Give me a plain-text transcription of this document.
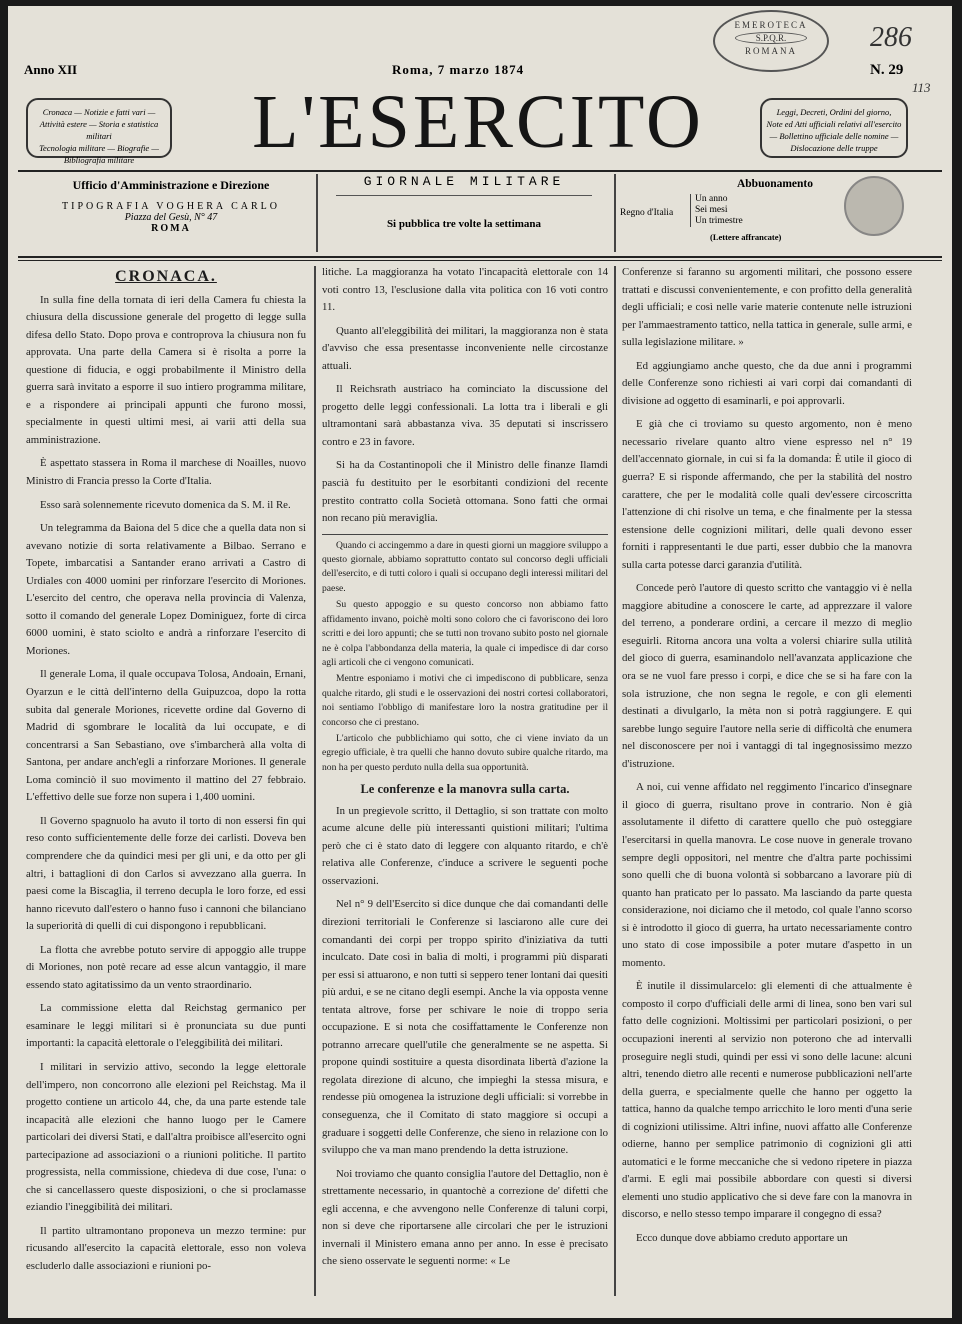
Anno XII	Roma, 7 marzo 1874	N. 29
EMEROTECA
S.P.Q.R.
ROMANA	286
113
Cronaca — Notizie e fatti vari —
Attività estere — Storia e statistica militari
Tecnologia militare — Biografie —
Bibliografia militare	L'ESERCITO	Leggi, Decreti, Ordini del giorno,
Note ed Atti ufficiali relativi all'esercito
— Bollettino ufficiale delle nomine —
Dislocazione delle truppe
Ufficio d'Amministrazione e Direzione
TIPOGRAFIA VOGHERA CARLO
Piazza del Gesù, N° 47
ROMA
GIORNALE MILITARE
Si pubblica tre volte la settimana
Abbuonamento
Regno d'Italia
Un anno
Sei mesi
Un trimestre
(Lettere affrancate)
CRONACA.

In sulla fine della tornata di ieri della Camera fu chiesta la chiusura della discussione generale del progetto di legge sulla difesa dello Stato. Dopo prova e controprova la chiusura non fu approvata. Una parte della Camera si è risolta a porre la questione di fiducia, e oggi probabilmente il Ministro della guerra sarà invitato a esporre il suo intiero programma militare, e a rispondere ai principali appunti che furono mossi, specialmente in questi ultimi mesi, ai varii atti della sua amministrazione.

È aspettato stassera in Roma il marchese di Noailles, nuovo Ministro di Francia presso la Corte d'Italia.

Esso sarà solennemente ricevuto domenica da S. M. il Re.

Un telegramma da Baiona del 5 dice che a quella data non si avevano notizie di sorta relativamente a Bilbao. Serrano e Topete, imbarcatisi a Santander erano arrivati a Castro di Urdiales con 4000 uomini per rinforzare l'esercito di Moriones. L'esercito del centro, che operava nella provincia di Valenza, sotto il comando del generale Lopez Dominiguez, forte di circa 6000 uomini, è stato sciolto e andrà a rinforzare l'esercito di Moriones.

Il generale Loma, il quale occupava Tolosa, Andoain, Ernani, Oyarzun e le città dell'interno della Guipuzcoa, dopo la rotta subita dal generale Moriones, ricevette ordine dal Governo di Madrid di sgombrare le località da lui occupate, e di concentrarsi a San Sebastiano, ove s'imbarcherà alla volta di Santona, per andare anch'egli a rinforzare Moriones. Il generale Loma cominciò il suo movimento il mattino del 27 febbraio. L'effettivo delle sue forze non supera i 1,400 uomini.

Il Governo spagnuolo ha avuto il torto di non essersi fin qui reso conto sufficientemente delle forze dei carlisti. Doveva ben comprendere che da quindici mesi per gli uni, e da otto per gli altri, i battaglioni di don Carlos si avvezzano alla guerra. In paesi come la Biscaglia, il terreno decupla le loro forze, ed essi hanno ricevuto dall'estero o hanno fuso i cannoni che bilanciano la superiorità di quelli di cui dispongono i repubblicani.

La flotta che avrebbe potuto servire di appoggio alle truppe di Moriones, non potè recare ad esse alcun vantaggio, il mare essendo stato agitatissimo da un vento straordinario.

La commissione eletta dal Reichstag germanico per esaminare le leggi militari si è pronunciata su due punti importanti: la capacità elettorale o l'eleggibilità dei militari.

I militari in servizio attivo, secondo la legge elettorale dell'impero, non concorrono alle elezioni pel Reichstag. Ma il progetto contiene un articolo 44, che, da una parte estende tale incapacità alle elezioni che hanno luogo per le Camere particolari dei diversi Stati, e dall'altra proibisce all'esercito ogni partecipazione ad associazioni o a riunioni politiche. Il partito progressista, nella commissione, chiedeva di due cose, l'una: o che si cancellassero queste disposizioni, o che si proclamasse eziandio l'ineggibilità dei militari.

Il partito ultramontano proponeva un mezzo termine: pur ricusando all'esercito la capacità elettorale, esso non voleva escluderlo dalle associazioni e riunioni po-

litiche. La maggioranza ha votato l'incapacità elettorale con 14 voti contro 13, l'esclusione dalla vita politica con 16 voti contro 11.

Quanto all'eleggibilità dei militari, la maggioranza non è stata d'avviso che essa presentasse inconveniente nelle circostanze attuali.

Il Reichsrath austriaco ha cominciato la discussione del progetto delle leggi confessionali. La lotta tra i liberali e gli ultramontani sarà abbastanza viva. 35 deputati si inscrissero contro e 23 in favore.

Si ha da Costantinopoli che il Ministro delle finanze Ilamdi pascià fu destituito per le esorbitanti condizioni del recente prestito contratto colla Società ottomana. Sono fatti che ormai non recano più meraviglia.

Quando ci accingemmo a dare in questi giorni un maggiore sviluppo a questo giornale, abbiamo soprattutto contato sul concorso degli ufficiali dell'esercito, e di tutti coloro i quali si occupano degli interessi militari del paese.

Su questo appoggio e su questo concorso non abbiamo fatto affidamento invano, poichè molti sono coloro che ci favoriscono dei loro scritti e dei loro appunti; che se tutti non trovano subito posto nel giornale ne è colpa l'abbondanza della materia, la quale ci impedisce di dar corso agli articoli che ci vengono comunicati.

Mentre esponiamo i motivi che ci impediscono di pubblicare, senza qualche ritardo, gli studi e le osservazioni dei nostri cortesi collaboratori, noi sentiamo l'obbligo di manifestare loro la nostra gratitudine per il concorso che ci prestano.

L'articolo che pubblichiamo qui sotto, che ci viene inviato da un egregio ufficiale, è tra quelli che hanno dovuto subire qualche ritardo, ma non ha per questo perduto nulla della sua opportunità.

Le conferenze e la manovra sulla carta.

In un pregievole scritto, il Dettaglio, si son trattate con molto acume alcune delle più interessanti quistioni militari; l'ultima però che ci è stato dato di leggere con alquanto ritardo, e ch'è relativa alle Conferenze, c'induce a scrivere le seguenti poche osservazioni.

Nel n° 9 dell'Esercito si dice dunque che dai comandanti delle direzioni territoriali le Conferenze si lasciarono alle cure dei comandanti dei corpi per troppo spirito d'iniziativa da tutti inculcato. Date così in balìa di molti, i programmi più disparati per essi si attuarono, e non tutti si seppero tener lontani dai quesiti più ardui, e se ne citano degli esempi. Anche la via opposta venne tentata altrove, forse per schivare le noie di troppo seria occupazione. E si nota che cosiffattamente le Conferenze non potranno arrecare quell'utile che generalmente se ne aspetta. Si propone quindi sostituire a questa disordinata libertà d'azione la regolata direzione di alcuno, che impieghi la stessa misura, e rendesse più omogenea la istruzione degli ufficiali: si vorrebbe in conseguenza, che il Comitato di stato maggiore si occupi a graduare i soggetti delle Conferenze, che sieno in relazione con lo sviluppo che va man mano prendendo la detta istruzione.

Noi troviamo che quanto consiglia l'autore del Dettaglio, non è strettamente necessario, in quantochè a correzione de' difetti che egli accenna, e che avvengono nelle Conferenze di taluni corpi, non si deve che riportarsene alle circolari che per le istruzioni invernali il Ministero emana anno per anno. In esse è precisato che sieno osservate le seguenti norme: « Le

Conferenze si faranno su argomenti militari, che possono essere trattati e discussi convenientemente, e con profitto della generalità degli ufficiali; e così nelle varie materie contenute nelle istruzioni per l'ammaestramento tattico, nella tattica in generale, sulle armi, e sulla legislazione militare. »

Ed aggiungiamo anche questo, che da due anni i programmi delle Conferenze sono richiesti ai vari corpi dai comandanti di divisione ad oggetto di esaminarli, e poi approvarli.

E già che ci troviamo su questo argomento, non è meno necessario rivelare quanto altro viene espresso nel n° 19 dell'accennato giornale, in cui si fa la domanda: È utile il gioco di guerra? E si risponde affermando, che per la stabilità del nostro carattere, che per le modalità colle quali dev'essere circoscritta l'attenzione di chi risolve un tema, e che finalmente per la stessa estensione delle cognizioni militari, delle quali devono esser forniti i rappresentanti le due parti, esser dubbio che la manovra sulla carta potesse darci garanzia d'utilità.

Concede però l'autore di questo scritto che vantaggio vi è nella maggiore abitudine a conoscere le carte, ad apprezzare il valore del terreno, a ponderare ordini, a cercare il mezzo di meglio eseguirli. Ritorna ancora una volta a volersi chiarire sulla utilità del gioco di guerra, esaminandolo nell'avanzata applicazione che ora se ne vuol fare presso i corpi, e dice che se si ha fare con la sola istruzione, che non segna le regole, e con gli elementi destinati a divulgarlo, la mèta non si potrà raggiungere. E qui sarebbe lungo seguire l'autore nella serie di difficoltà che enumera nel disconoscere per noi i vantaggi di tal ingegnosissimo mezzo d'istruzione.

A noi, cui venne affidato nel reggimento l'incarico d'insegnare il gioco di guerra, risultano prove in contrario. Non è già assolutamente il difetto di carattere quello che può osteggiare l'esercitarsi in quella manovra. Le cose nuove in generale trovano sempre degli oppositori, nel mentre che d'altra parte pochissimi sono quelli che di buona volontà si sobbarcano a lavorare più di quanto han praticato per lo passato. Ma lasciando da parte questa considerazione, noi diciamo che il metodo, col quale l'anno scorso si è introdotto il gioco di guerra, ha urtato necessariamente contro uno stato di cose impossibile a poter mutare d'aspetto in un momento.

È inutile il dissimularcelo: gli elementi di che attualmente è composto il corpo d'ufficiali delle armi di linea, sono ben vari sul fatto delle cognizioni. Moltissimi per particolari posizioni, o per occupazioni inerenti al servizio non poterono che ad intervalli proseguire negli studi, quindi per essi vi sono delle lacune: alcuni altri, tenendo dietro alle recenti e numerose pubblicazioni nell'arte della guerra, e specialmente quelle che hanno per oggetto la tattica, hanno da qualche tempo arricchito le loro menti d'una serie di cognizioni utilissime. Altri infine, nuovi affatto alle Conferenze odierne, hanno per semplice patrimonio di cognizioni gli atti automatici e le forme meccaniche che si vedono ripetere in piazza d'armi. E egli mai possibile abbordare con questi si diversi elementi uno studio applicativo che si deve fare con la manovra in discorso, e nello stesso tempo imparare il congegno di essa?

Ecco dunque dove abbiamo creduto apportare un
